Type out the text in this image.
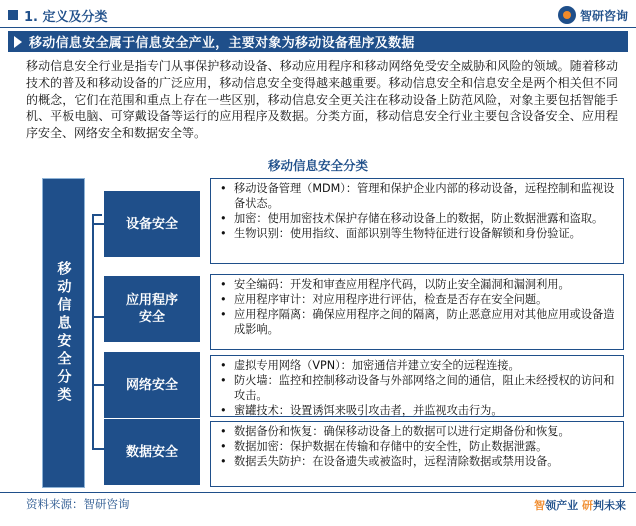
1. 定义及分类	智研咨询
移动信息安全属于信息安全产业，主要对象为移动设备程序及数据

移动信息安全行业是指专门从事保护移动设备、移动应用程序和移动网络免受安全威胁和风险的领域。随着移动技术的普及和移动设备的广泛应用，移动信息安全变得越来越重要。移动信息安全和信息安全是两个相关但不同的概念，它们在范围和重点上存在一些区别，移动信息安全更关注在移动设备上防范风险，对象主要包括智能手机、平板电脑、可穿戴设备等运行的应用程序及数据。分类方面，移动信息安全行业主要包含设备安全、应用程序安全、网络安全和数据安全等。

移动信息安全分类
移动信息安全分类
设备安全
• 移动设备管理（MDM）：管理和保护企业内部的移动设备，远程控制和监视设备状态。
• 加密：使用加密技术保护存储在移动设备上的数据，防止数据泄露和盗取。
• 生物识别：使用指纹、面部识别等生物特征进行设备解锁和身份验证。
应用程序安全
• 安全编码：开发和审查应用程序代码，以防止安全漏洞和漏洞利用。
• 应用程序审计：对应用程序进行评估，检查是否存在安全问题。
• 应用程序隔离：确保应用程序之间的隔离，防止恶意应用对其他应用或设备造成影响。
网络安全
• 虚拟专用网络（VPN）：加密通信并建立安全的远程连接。
• 防火墙：监控和控制移动设备与外部网络之间的通信，阻止未经授权的访问和攻击。
• 蜜罐技术：设置诱饵来吸引攻击者，并监视攻击行为。
数据安全
• 数据备份和恢复：确保移动设备上的数据可以进行定期备份和恢复。
• 数据加密：保护数据在传输和存储中的安全性，防止数据泄露。
• 数据丢失防护：在设备遗失或被盗时，远程清除数据或禁用设备。
资料来源：智研咨询	智领产业 研判未来
